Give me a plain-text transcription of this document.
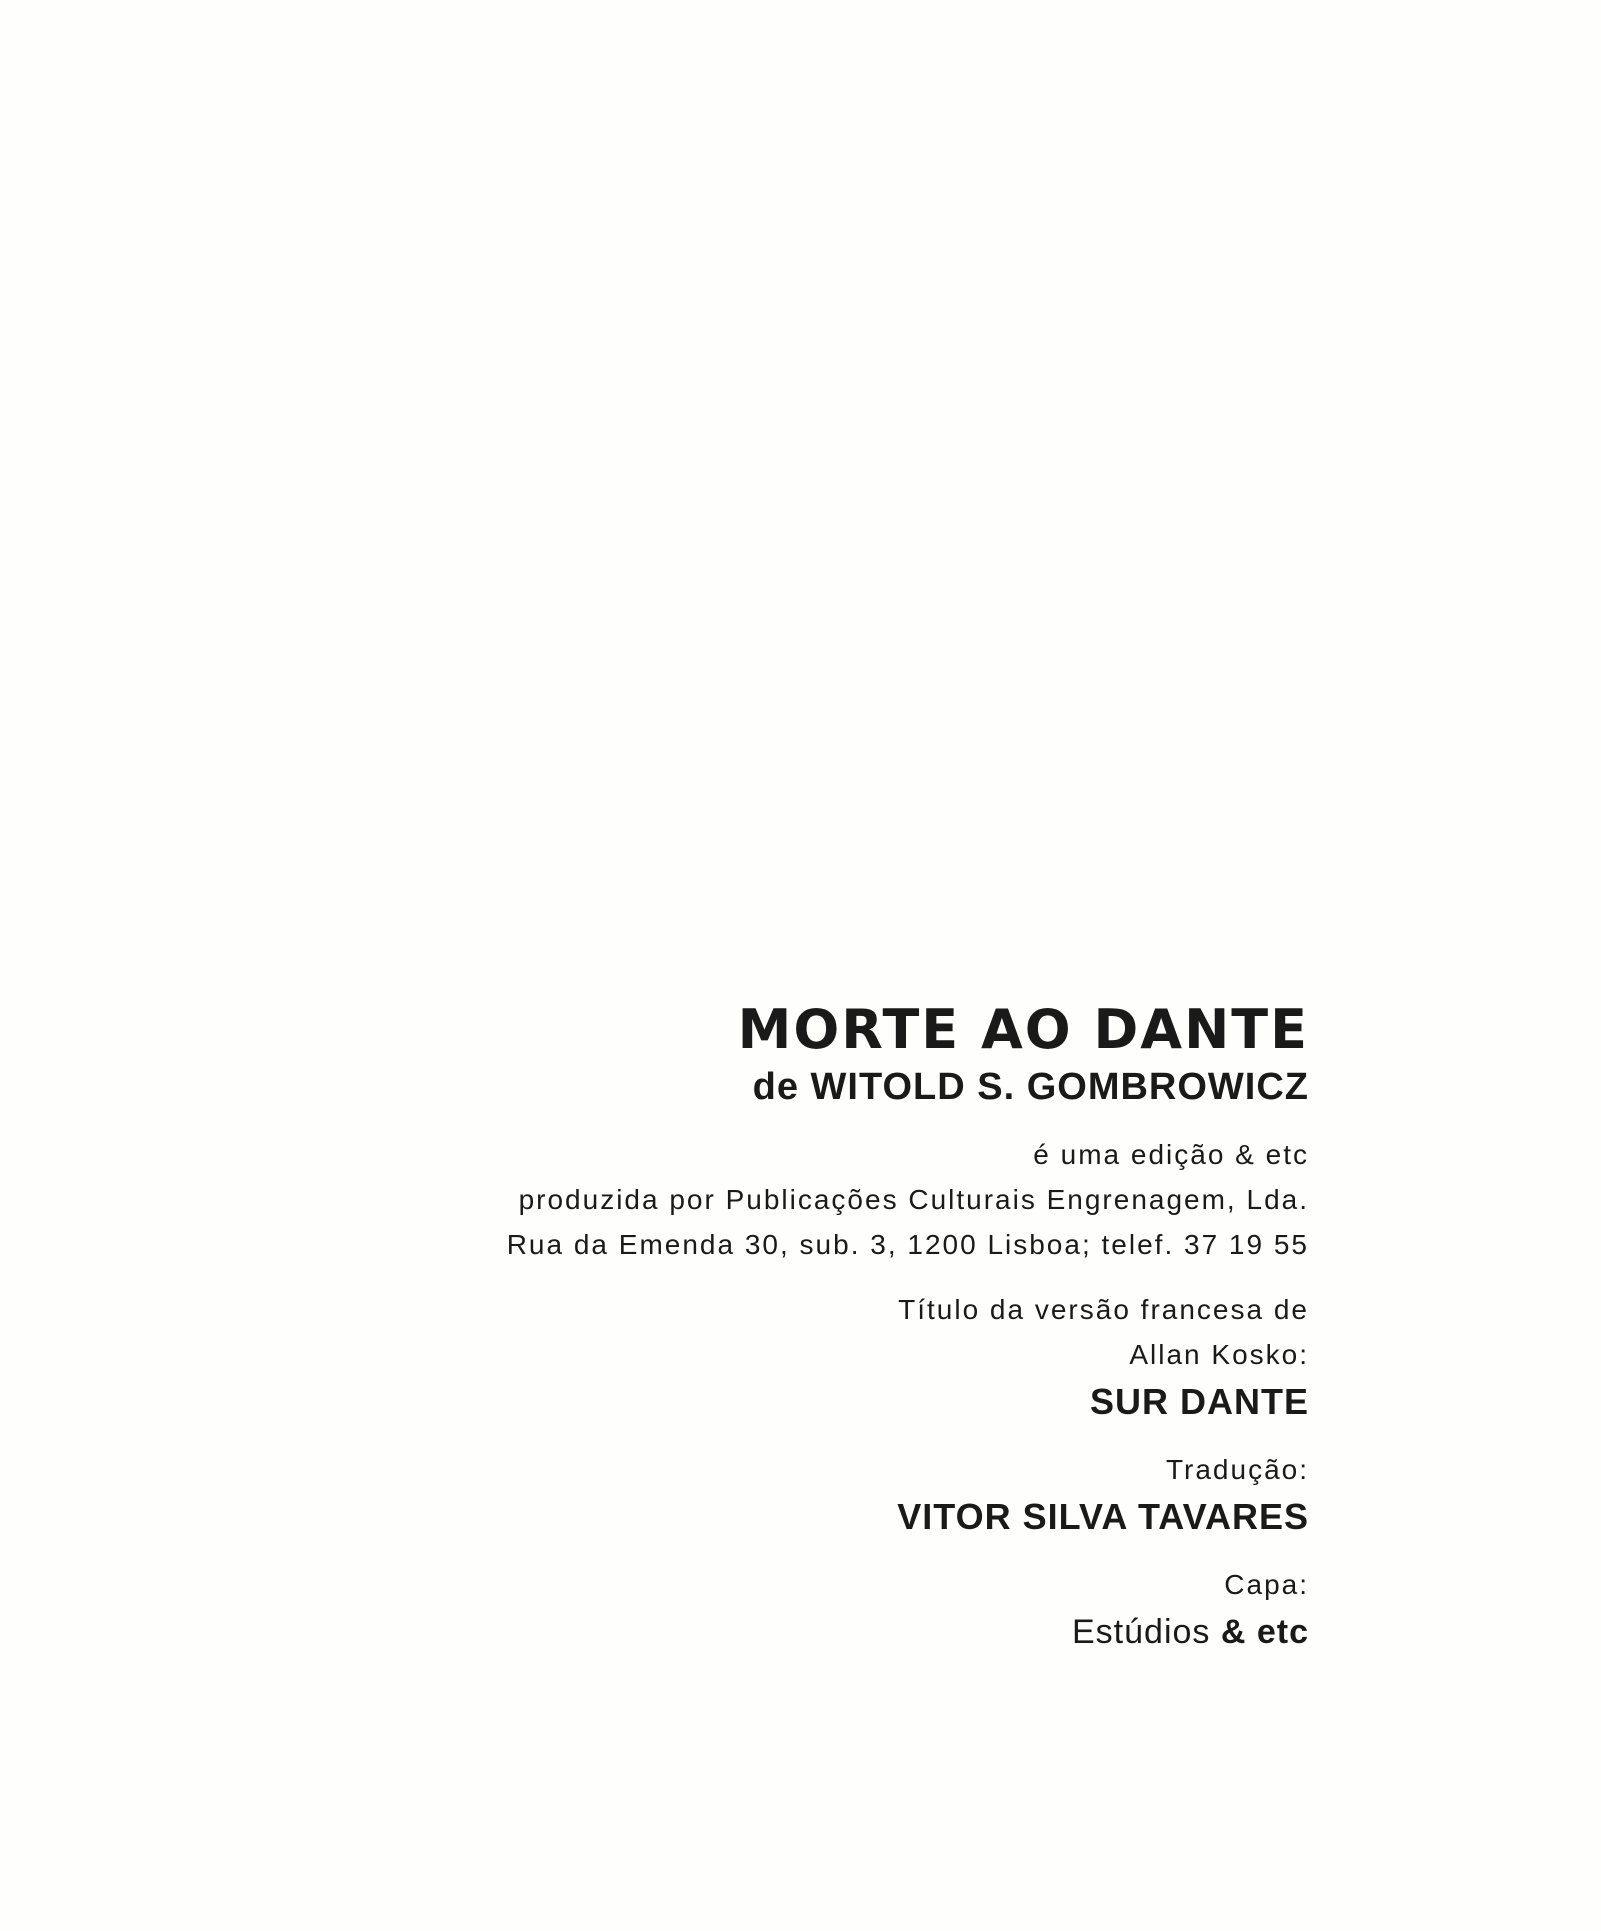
MORTE AO DANTE

de WITOLD S. GOMBROWICZ

é uma edição & etc

produzida por Publicações Culturais Engrenagem, Lda.

Rua da Emenda 30, sub. 3, 1200 Lisboa; telef. 37 19 55

Título da versão francesa de

Allan Kosko:

SUR DANTE

Tradução:

VITOR SILVA TAVARES

Capa:

Estúdios & etc
